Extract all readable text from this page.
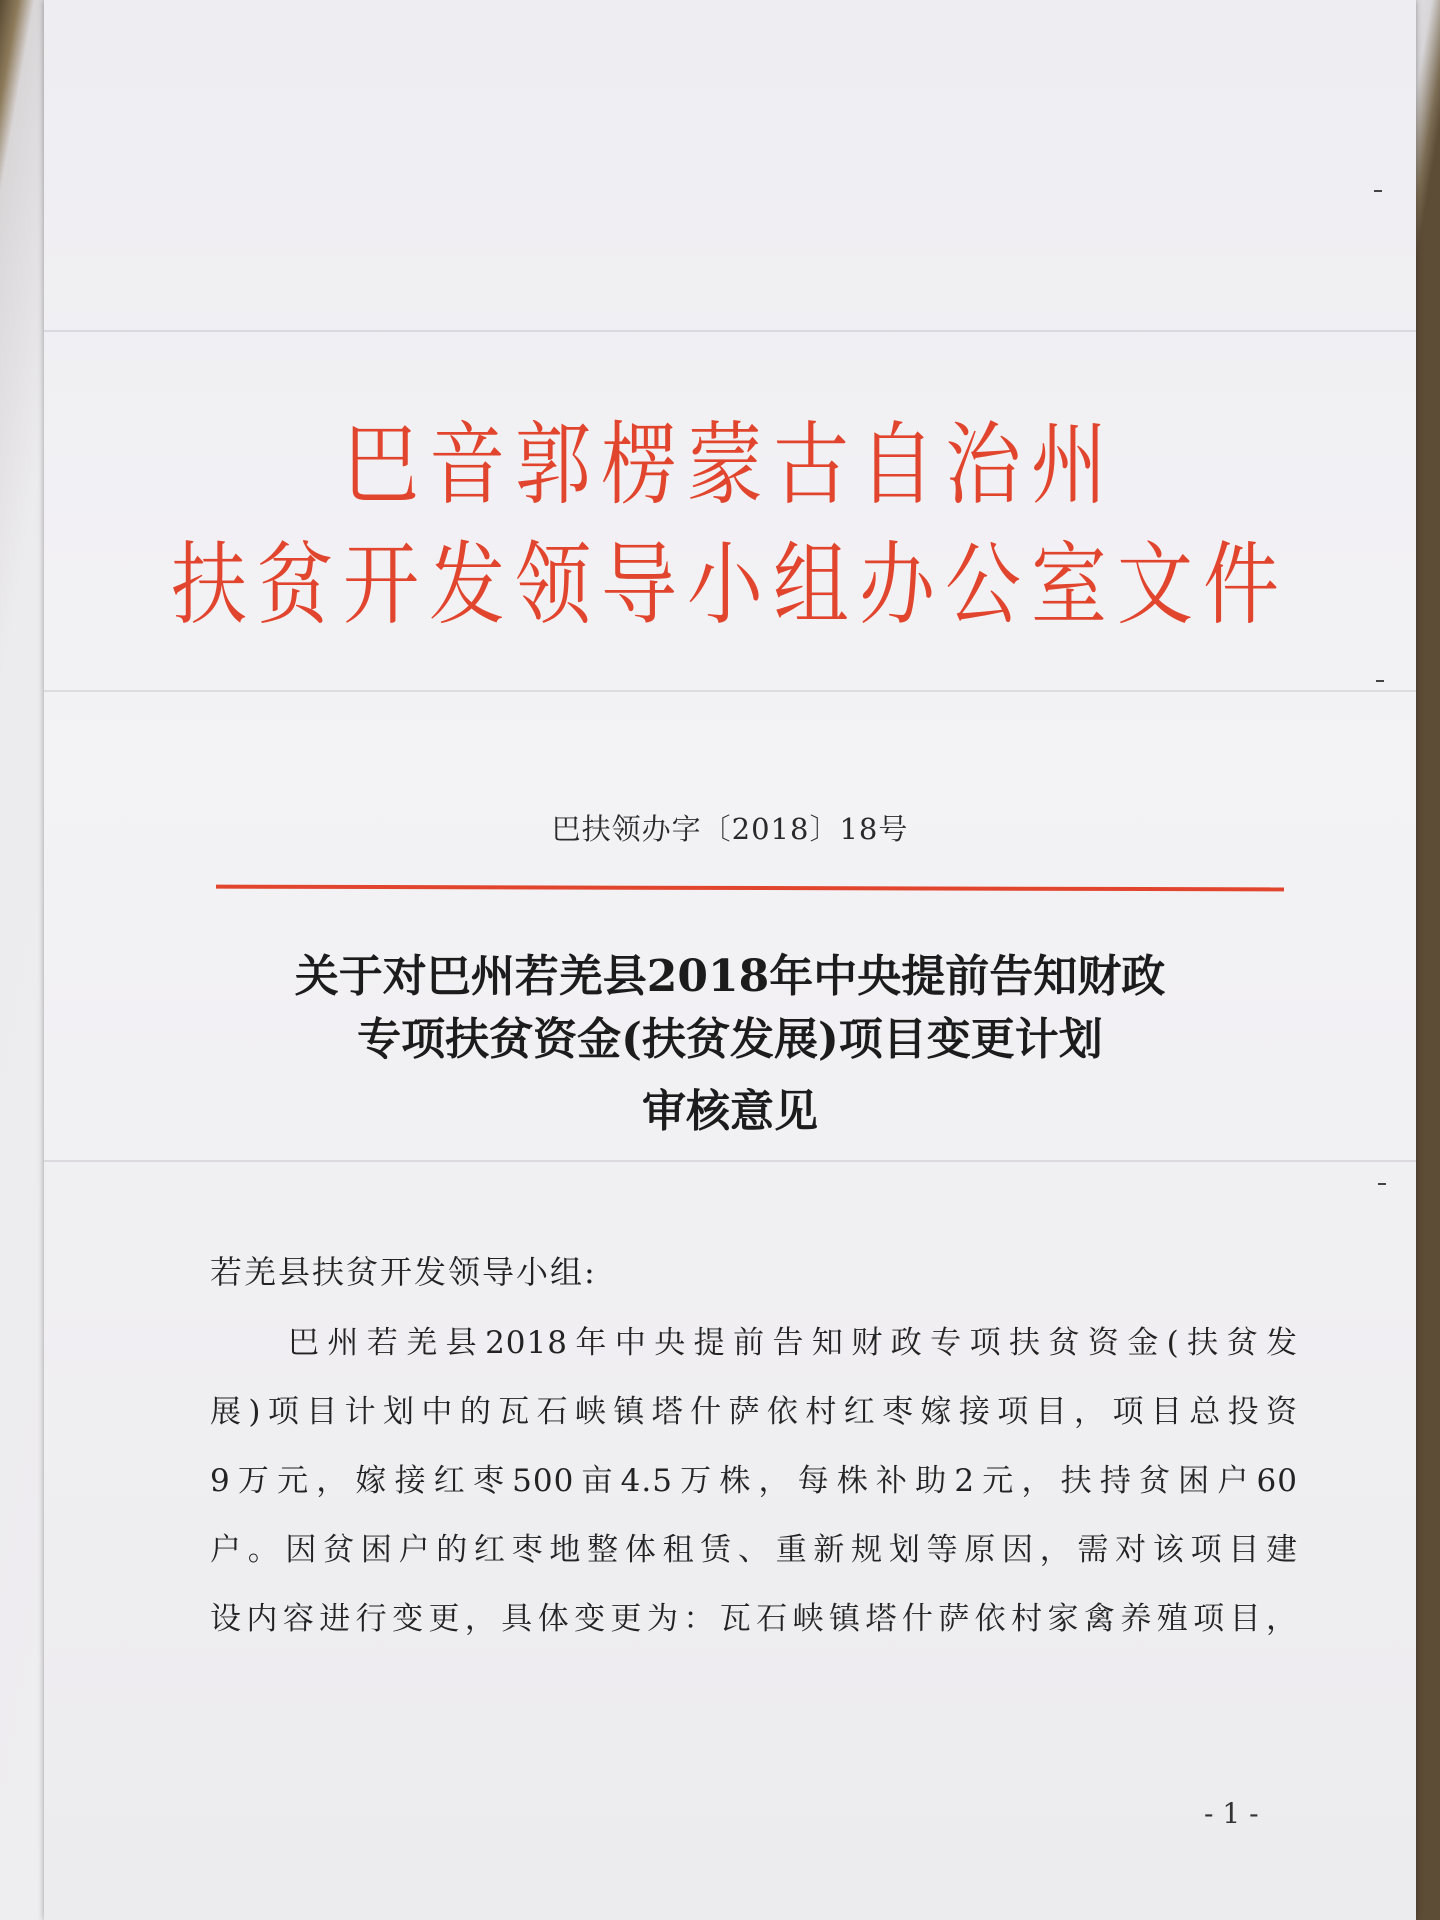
巴音郭楞蒙古自治州
扶贫开发领导小组办公室文件
巴扶领办字〔2018〕18号
关于对巴州若羌县2018年中央提前告知财政
专项扶贫资金(扶贫发展)项目变更计划
审核意见
若羌县扶贫开发领导小组:
巴州若羌县2018年中央提前告知财政专项扶贫资金(扶贫发
展)项目计划中的瓦石峡镇塔什萨依村红枣嫁接项目，项目总投资
9万元，嫁接红枣500亩4.5万株，每株补助2元，扶持贫困户60
户。因贫困户的红枣地整体租赁、重新规划等原因，需对该项目建
设内容进行变更，具体变更为：瓦石峡镇塔什萨依村家禽养殖项目，
- 1 -
